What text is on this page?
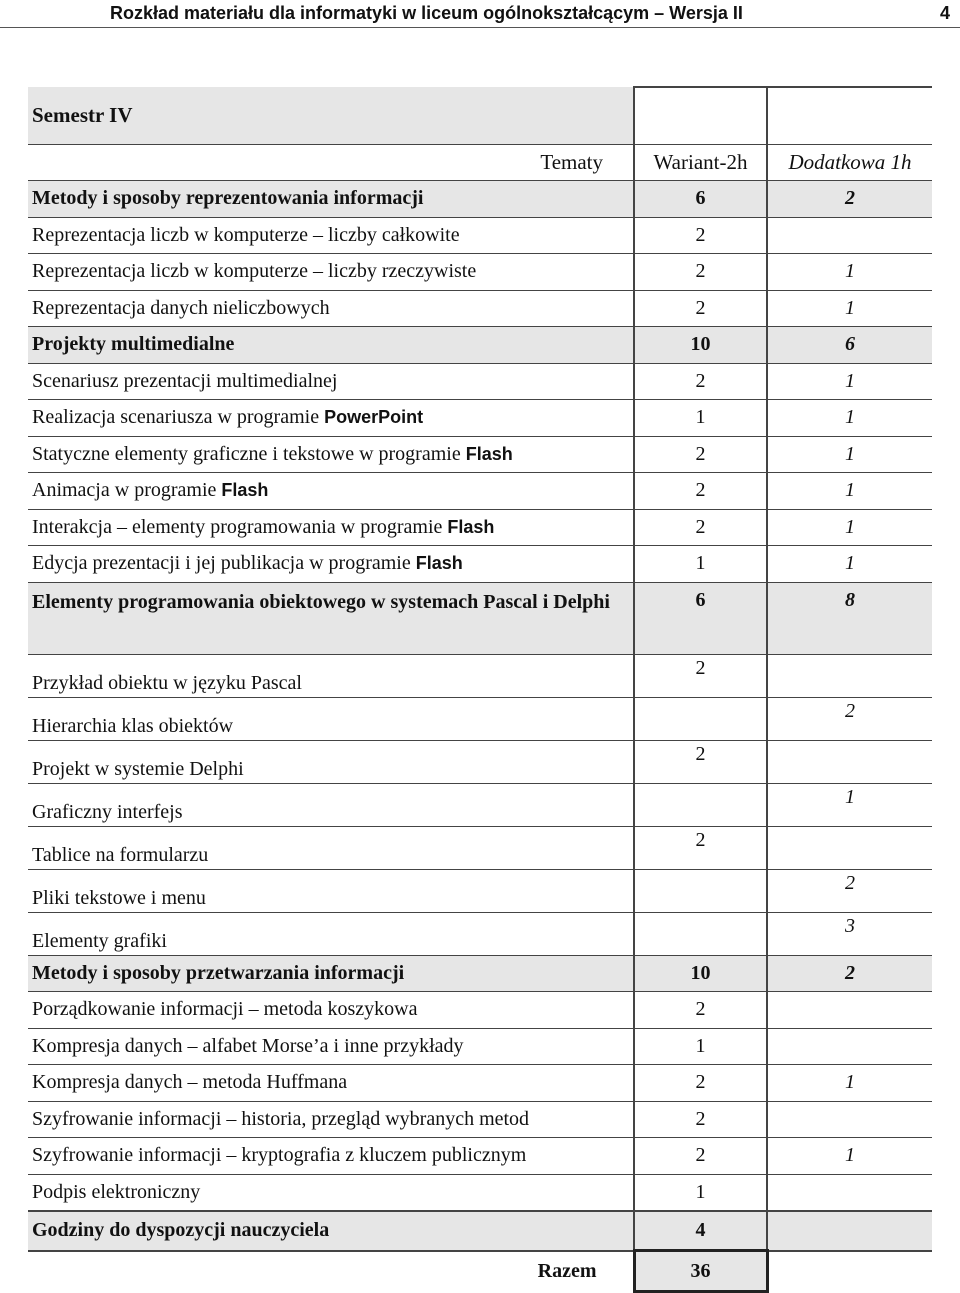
Rozkład materiału dla informatyki w liceum ogólnokształcącym – Wersja II	4
Semestr IV		
Tematy	Wariant-2h	Dodatkowa 1h
Metody i sposoby reprezentowania informacji	6	2
Reprezentacja liczb w komputerze – liczby całkowite	2	
Reprezentacja liczb w komputerze – liczby rzeczywiste	2	1
Reprezentacja danych nieliczbowych	2	1
Projekty multimedialne	10	6
Scenariusz prezentacji multimedialnej	2	1
Realizacja scenariusza w programie PowerPoint	1	1
Statyczne elementy graficzne i tekstowe w programie Flash	2	1
Animacja w programie Flash	2	1
Interakcja – elementy programowania w programie Flash	2	1
Edycja prezentacji i jej publikacja w programie Flash	1	1
Elementy programowania obiektowego w systemach Pascal i Delphi	6	8
Przykład obiektu w języku Pascal	2	
Hierarchia klas obiektów		2
Projekt w systemie Delphi	2	
Graficzny interfejs		1
Tablice na formularzu	2	
Pliki tekstowe i menu		2
Elementy grafiki		3
Metody i sposoby przetwarzania informacji	10	2
Porządkowanie informacji – metoda koszykowa	2	
Kompresja danych – alfabet Morse’a i inne przykłady	1	
Kompresja danych – metoda Huffmana	2	1
Szyfrowanie informacji – historia, przegląd wybranych metod	2	
Szyfrowanie informacji – kryptografia z kluczem publicznym	2	1
Podpis elektroniczny	1	
Godziny do dyspozycji nauczyciela	4	
Razem	36	
